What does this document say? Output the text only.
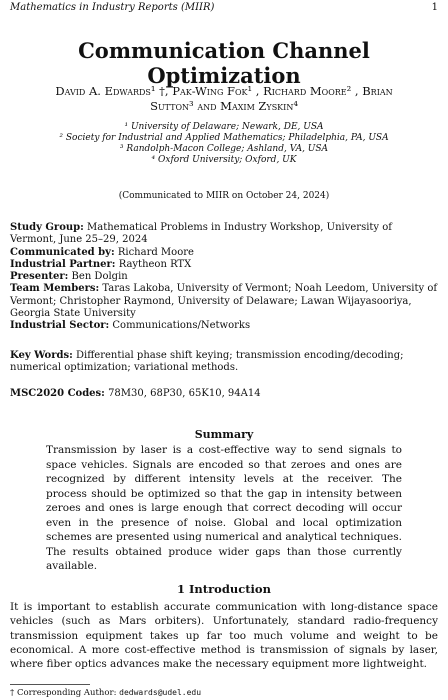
Mathematics in Industry Reports (MIIR)	1
Communication Channel Optimization
David A. Edwards¹ †, Pak-Wing Fok¹ , Richard Moore² , Brian
Sutton³ and Maxim Zyskin⁴
¹ University of Delaware; Newark, DE, USA
² Society for Industrial and Applied Mathematics; Philadelphia, PA, USA
³ Randolph-Macon College; Ashland, VA, USA
⁴ Oxford University; Oxford, UK
(Communicated to MIIR on October 24, 2024)
Study Group: Mathematical Problems in Industry Workshop, University of Vermont, June 25–29, 2024
Communicated by: Richard Moore
Industrial Partner: Raytheon RTX
Presenter: Ben Dolgin
Team Members: Taras Lakoba, University of Vermont; Noah Leedom, University of Vermont; Christopher Raymond, University of Delaware; Lawan Wijayasooriya, Georgia State University
Industrial Sector: Communications/Networks
Key Words: Differential phase shift keying; transmission encoding/decoding; numerical optimization; variational methods.
MSC2020 Codes: 78M30, 68P30, 65K10, 94A14
Summary
Transmission by laser is a cost-effective way to send signals to space vehicles. Signals are encoded so that zeroes and ones are recognized by different intensity levels at the receiver. The process should be optimized so that the gap in intensity between zeroes and ones is large enough that correct decoding will occur even in the presence of noise. Global and local optimization schemes are presented using numerical and analytical techniques. The results obtained produce wider gaps than those currently available.
1 Introduction
It is important to establish accurate communication with long-distance space vehicles (such as Mars orbiters). Unfortunately, standard radio-frequency transmission equipment takes up far too much volume and weight to be economical. A more cost-effective method is transmission of signals by laser, where fiber optics advances make the necessary equipment more lightweight.
† Corresponding Author: dedwards@udel.edu
